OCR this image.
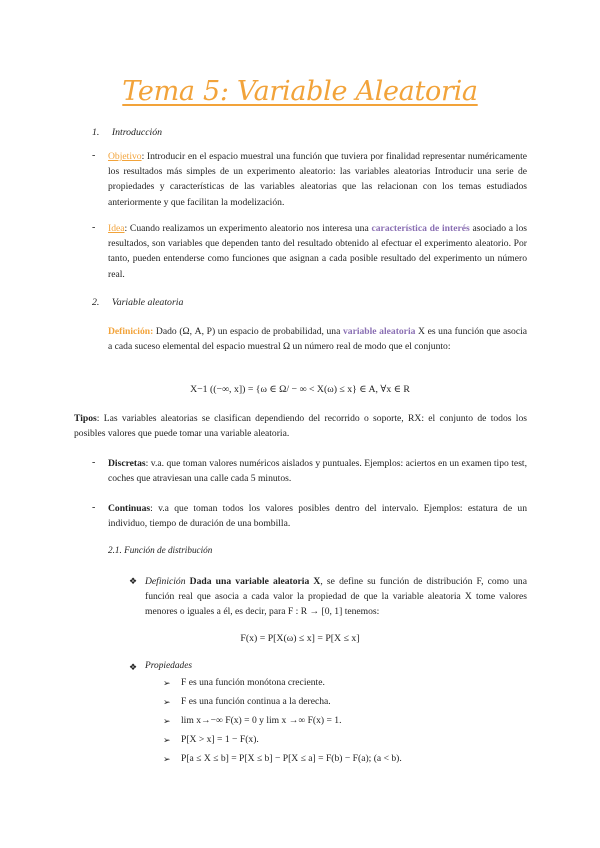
Tema 5: Variable Aleatoria
1. Introducción
- Objetivo: Introducir en el espacio muestral una función que tuviera por finalidad representar numéricamente los resultados más simples de un experimento aleatorio: las variables aleatorias Introducir una serie de propiedades y características de las variables aleatorias que las relacionan con los temas estudiados anteriormente y que facilitan la modelización.
- Idea: Cuando realizamos un experimento aleatorio nos interesa una característica de interés asociado a los resultados, son variables que dependen tanto del resultado obtenido al efectuar el experimento aleatorio. Por tanto, pueden entenderse como funciones que asignan a cada posible resultado del experimento un número real.
2. Variable aleatoria
Definición: Dado (Ω, A, P) un espacio de probabilidad, una variable aleatoria X es una función que asocia a cada suceso elemental del espacio muestral Ω un número real de modo que el conjunto:
X−1 ((−∞, x]) = {ω ∈ Ω/ − ∞ < X(ω) ≤ x} ∈ A, ∀x ∈ R
Tipos: Las variables aleatorias se clasifican dependiendo del recorrido o soporte, RX: el conjunto de todos los posibles valores que puede tomar una variable aleatoria.
- Discretas: v.a. que toman valores numéricos aislados y puntuales. Ejemplos: aciertos en un examen tipo test, coches que atraviesan una calle cada 5 minutos.
- Continuas: v.a que toman todos los valores posibles dentro del intervalo. Ejemplos: estatura de un individuo, tiempo de duración de una bombilla.
2.1. Función de distribución
❖ Definición Dada una variable aleatoria X, se define su función de distribución F, como una función real que asocia a cada valor la propiedad de que la variable aleatoria X tome valores menores o iguales a él, es decir, para F : R → [0, 1] tenemos:
F(x) = P[X(ω) ≤ x] = P[X ≤ x]
❖ Propiedades
➢ F es una función monótona creciente.
➢ F es una función continua a la derecha.
➢ lim x→−∞ F(x) = 0 y lim x →∞ F(x) = 1.
➢ P[X > x] = 1 − F(x).
➢ P[a ≤ X ≤ b] = P[X ≤ b] − P[X ≤ a] = F(b) − F(a); (a < b).
